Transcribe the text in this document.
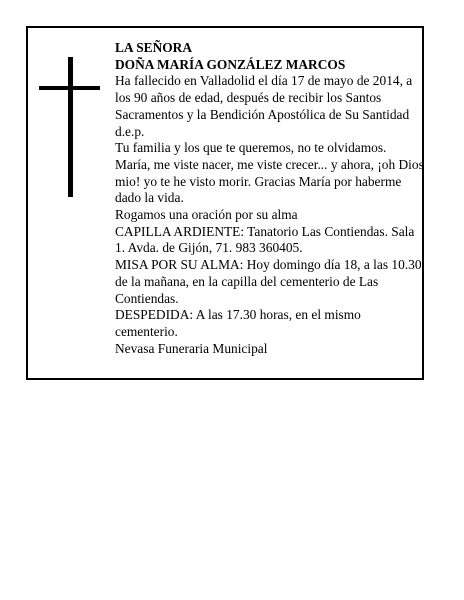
LA SEÑORA

DOÑA MARÍA GONZÁLEZ MARCOS

Ha fallecido en Valladolid el día 17 de mayo de 2014, a los 90 años de edad, después de recibir los Santos Sacramentos y la Bendición Apostólica de Su Santidad d.e.p.

Tu familia y los que te queremos, no te olvidamos.

María, me viste nacer, me viste crecer... y ahora, ¡oh Dios mio! yo te he visto morir. Gracias María por haberme dado la vida.

Rogamos una oración por su alma

CAPILLA ARDIENTE: Tanatorio Las Contiendas. Sala 1. Avda. de Gijón, 71. 983 360405.

MISA POR SU ALMA: Hoy domingo día 18, a las 10.30 de la mañana, en la capilla del cementerio de Las Contiendas.

DESPEDIDA: A las 17.30 horas, en el mismo cementerio.

Nevasa Funeraria Municipal
